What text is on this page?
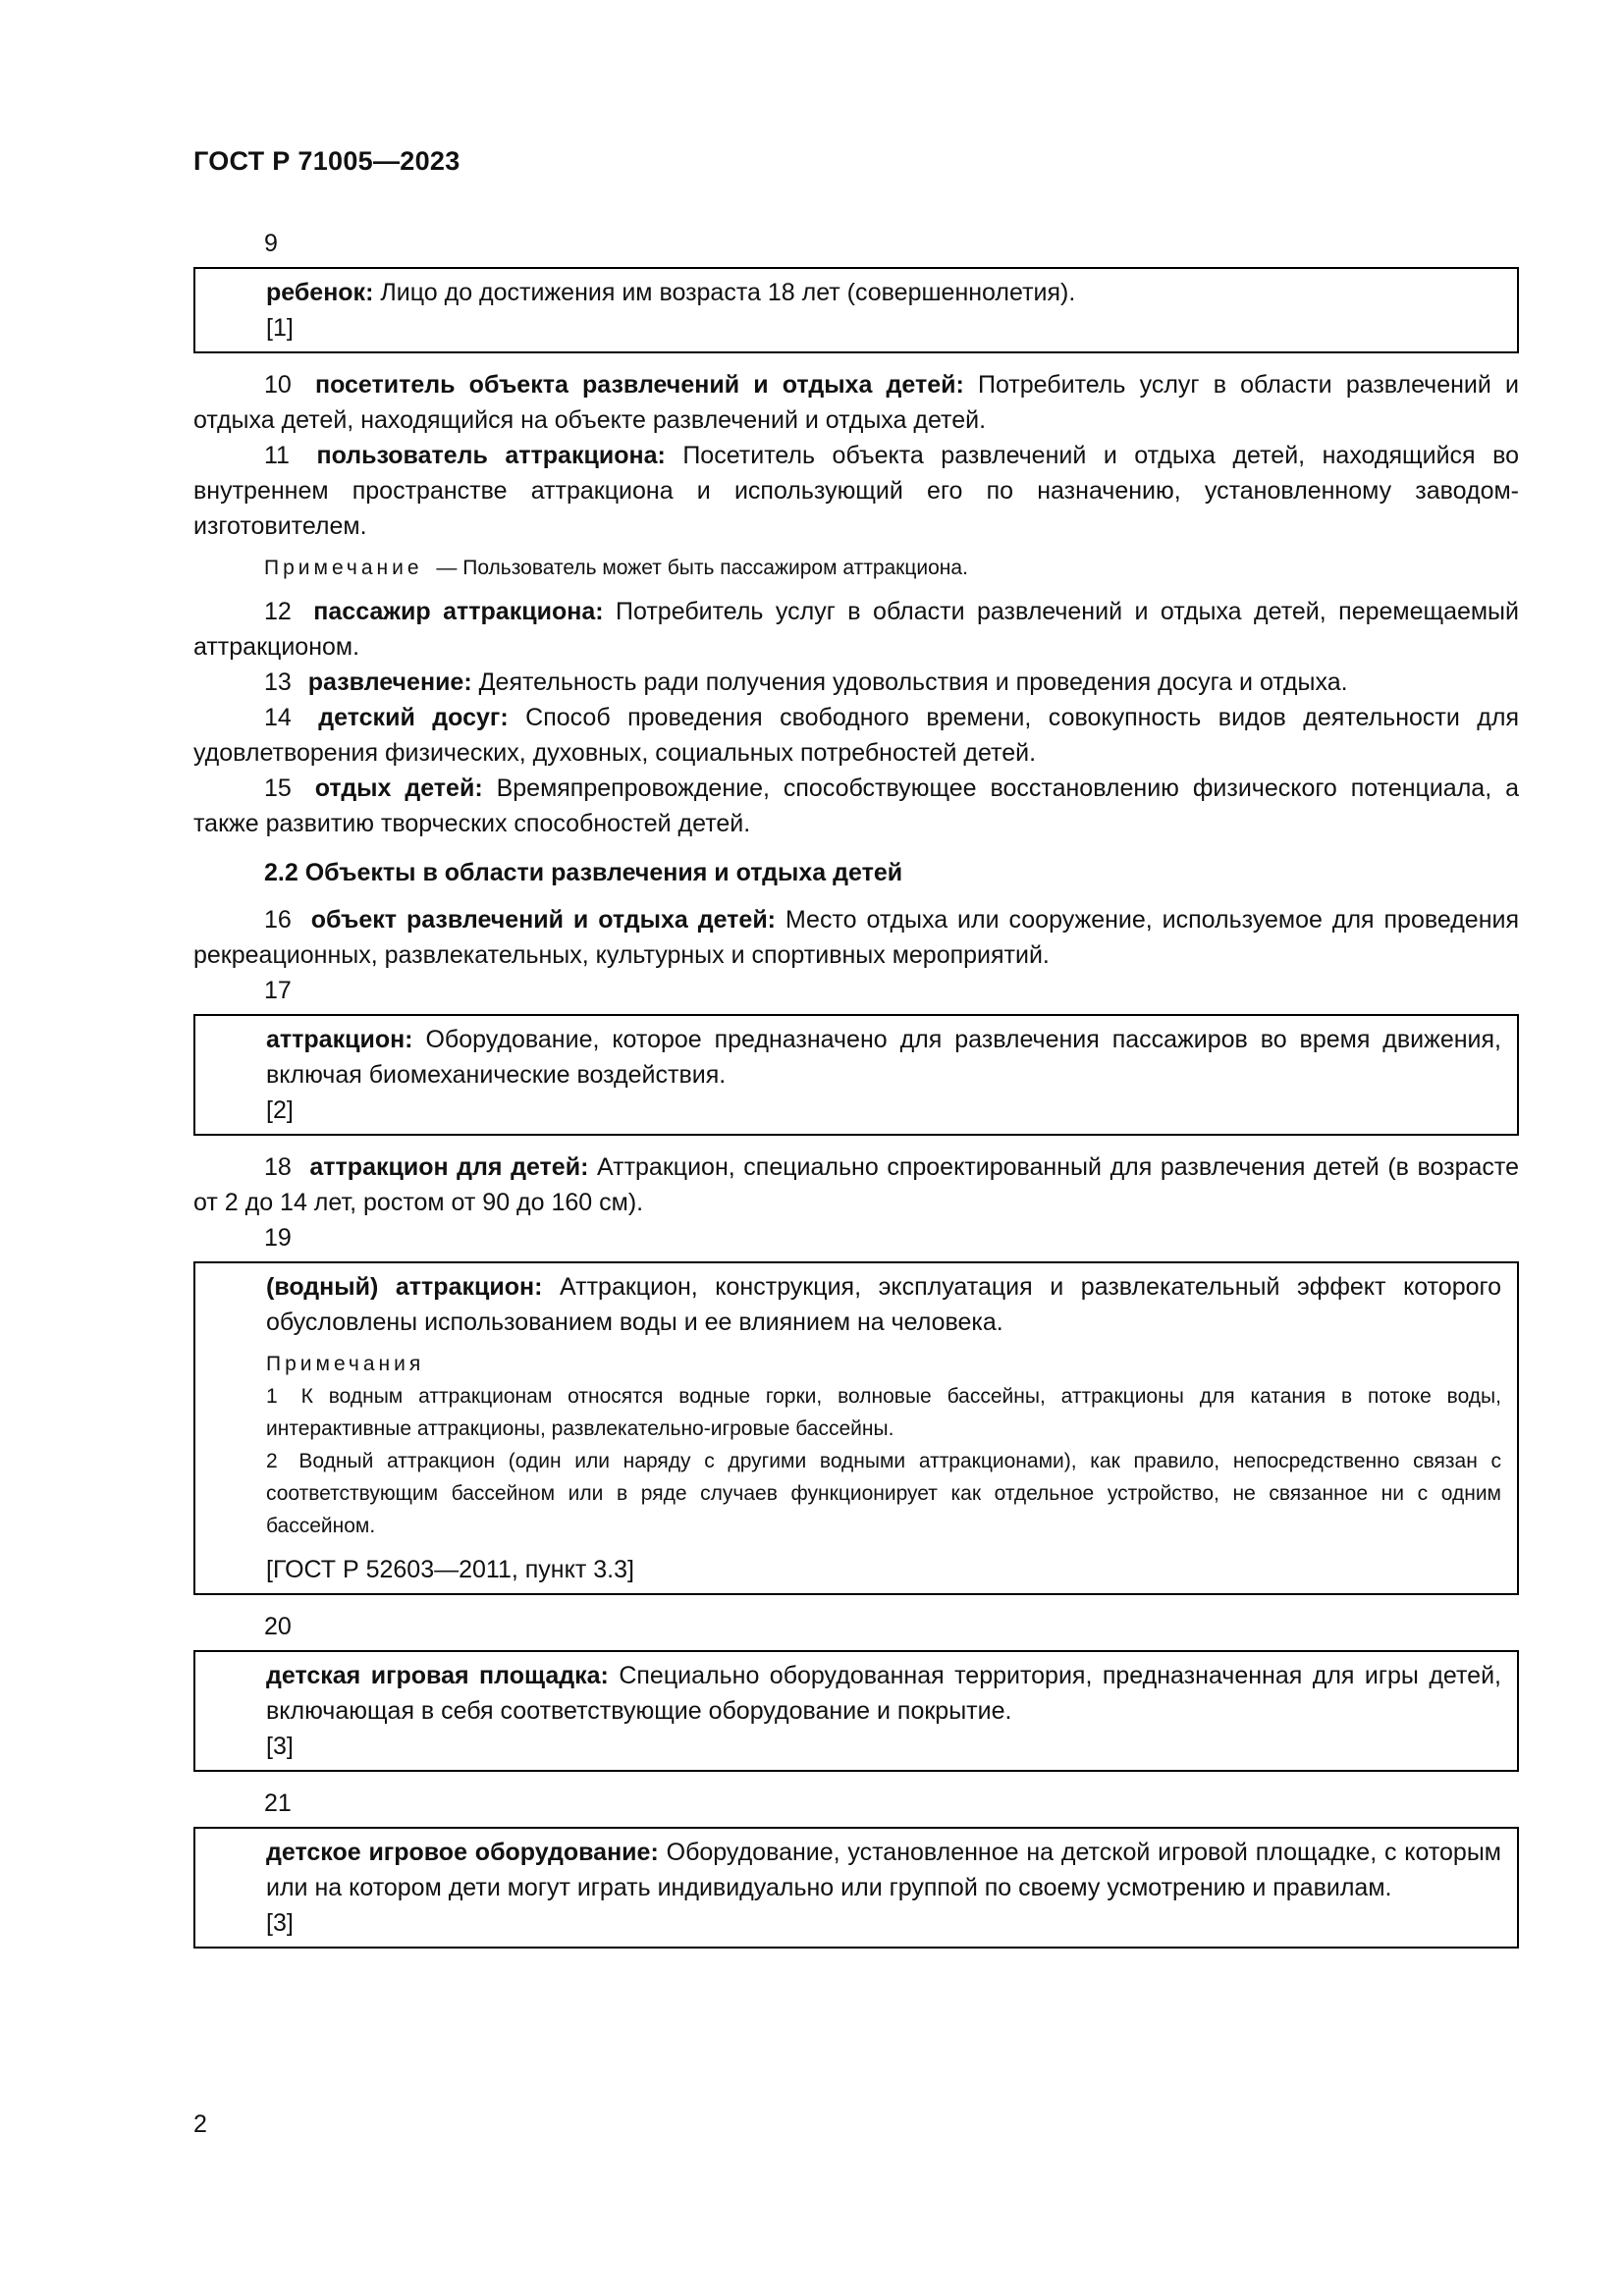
ГОСТ Р 71005—2023

9

ребенок: Лицо до достижения им возраста 18 лет (совершеннолетия).

[1]

10 посетитель объекта развлечений и отдыха детей: Потребитель услуг в области развлечений и отдыха детей, находящийся на объекте развлечений и отдыха детей.

11 пользователь аттракциона: Посетитель объекта развлечений и отдыха детей, находящийся во внутреннем пространстве аттракциона и использующий его по назначению, установленному заводом-изготовителем.

Примечание — Пользователь может быть пассажиром аттракциона.

12 пассажир аттракциона: Потребитель услуг в области развлечений и отдыха детей, перемещаемый аттракционом.

13 развлечение: Деятельность ради получения удовольствия и проведения досуга и отдыха.

14 детский досуг: Способ проведения свободного времени, совокупность видов деятельности для удовлетворения физических, духовных, социальных потребностей детей.

15 отдых детей: Времяпрепровождение, способствующее восстановлению физического потенциала, а также развитию творческих способностей детей.

2.2 Объекты в области развлечения и отдыха детей

16 объект развлечений и отдыха детей: Место отдыха или сооружение, используемое для проведения рекреационных, развлекательных, культурных и спортивных мероприятий.

17

аттракцион: Оборудование, которое предназначено для развлечения пассажиров во время движения, включая биомеханические воздействия.

[2]

18 аттракцион для детей: Аттракцион, специально спроектированный для развлечения детей (в возрасте от 2 до 14 лет, ростом от 90 до 160 см).

19

(водный) аттракцион: Аттракцион, конструкция, эксплуатация и развлекательный эффект которого обусловлены использованием воды и ее влиянием на человека.

Примечания

1 К водным аттракционам относятся водные горки, волновые бассейны, аттракционы для катания в потоке воды, интерактивные аттракционы, развлекательно-игровые бассейны.

2 Водный аттракцион (один или наряду с другими водными аттракционами), как правило, непосредственно связан с соответствующим бассейном или в ряде случаев функционирует как отдельное устройство, не связанное ни с одним бассейном.

[ГОСТ Р 52603—2011, пункт 3.3]

20

детская игровая площадка: Специально оборудованная территория, предназначенная для игры детей, включающая в себя соответствующие оборудование и покрытие.

[3]

21

детское игровое оборудование: Оборудование, установленное на детской игровой площадке, с которым или на котором дети могут играть индивидуально или группой по своему усмотрению и правилам.

[3]

2
